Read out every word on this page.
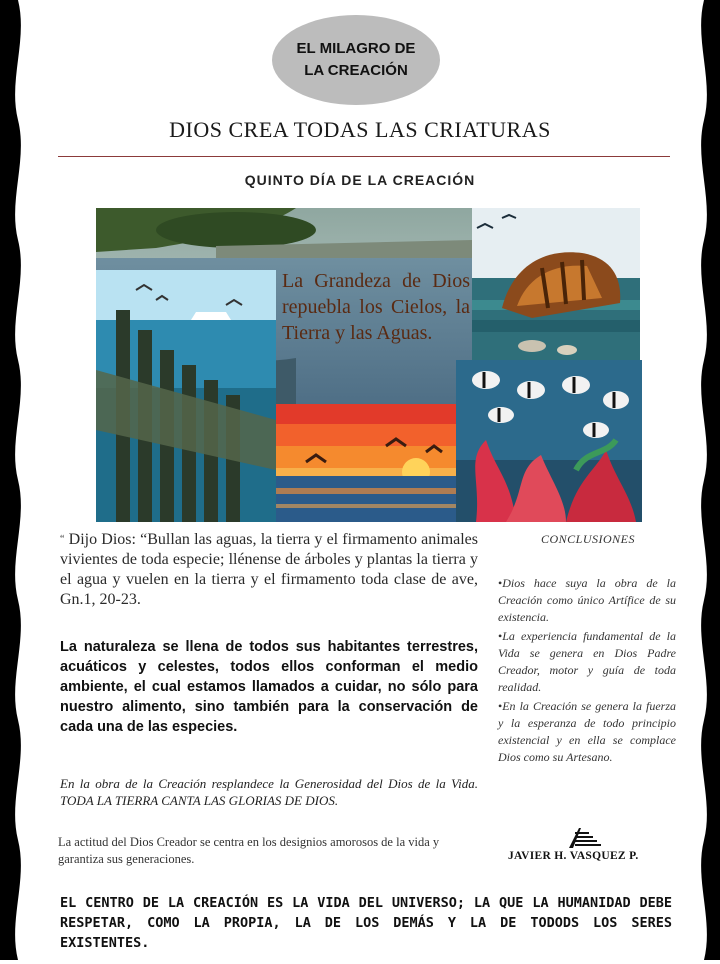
EL MILAGRO DE
LA CREACIÓN
DIOS CREA TODAS LAS CRIATURAS
QUINTO DÍA DE LA CREACIÓN
La Grandeza de Dios repuebla los Cielos, la Tierra y las Aguas.
“ Dijo Dios: “Bullan las aguas, la tierra y el firmamento animales vivientes de toda especie; llénense de árboles y plantas la tierra y el agua y vuelen en la tierra y el firmamento toda clase de ave, Gn.1, 20-23.
La naturaleza se llena de todos sus habitantes terrestres, acuáticos y celestes, todos ellos conforman el medio ambiente, el cual estamos llamados a cuidar, no sólo para nuestro alimento, sino también para la conservación de cada una de las especies.
En la obra de la Creación resplandece la Generosidad del Dios de la Vida. TODA LA TIERRA CANTA LAS GLORIAS DE DIOS.
La actitud del Dios Creador se centra en los designios amorosos de la vida y garantiza sus generaciones.
CONCLUSIONES
•Dios hace suya la obra de la Creación como único Artífice de su existencia.
•La experiencia fundamental de la Vida se genera en Dios Padre Creador, motor y guía de toda realidad.
•En la Creación se genera la fuerza y la esperanza de todo principio existencial y en ella se complace Dios como su Artesano.
JAVIER H. VASQUEZ P.
EL CENTRO DE LA CREACIÓN ES LA VIDA DEL UNIVERSO; LA QUE LA HUMANIDAD DEBE RESPETAR, COMO LA PROPIA, LA DE LOS DEMÁS Y LA DE TODODS LOS SERES EXISTENTES.
